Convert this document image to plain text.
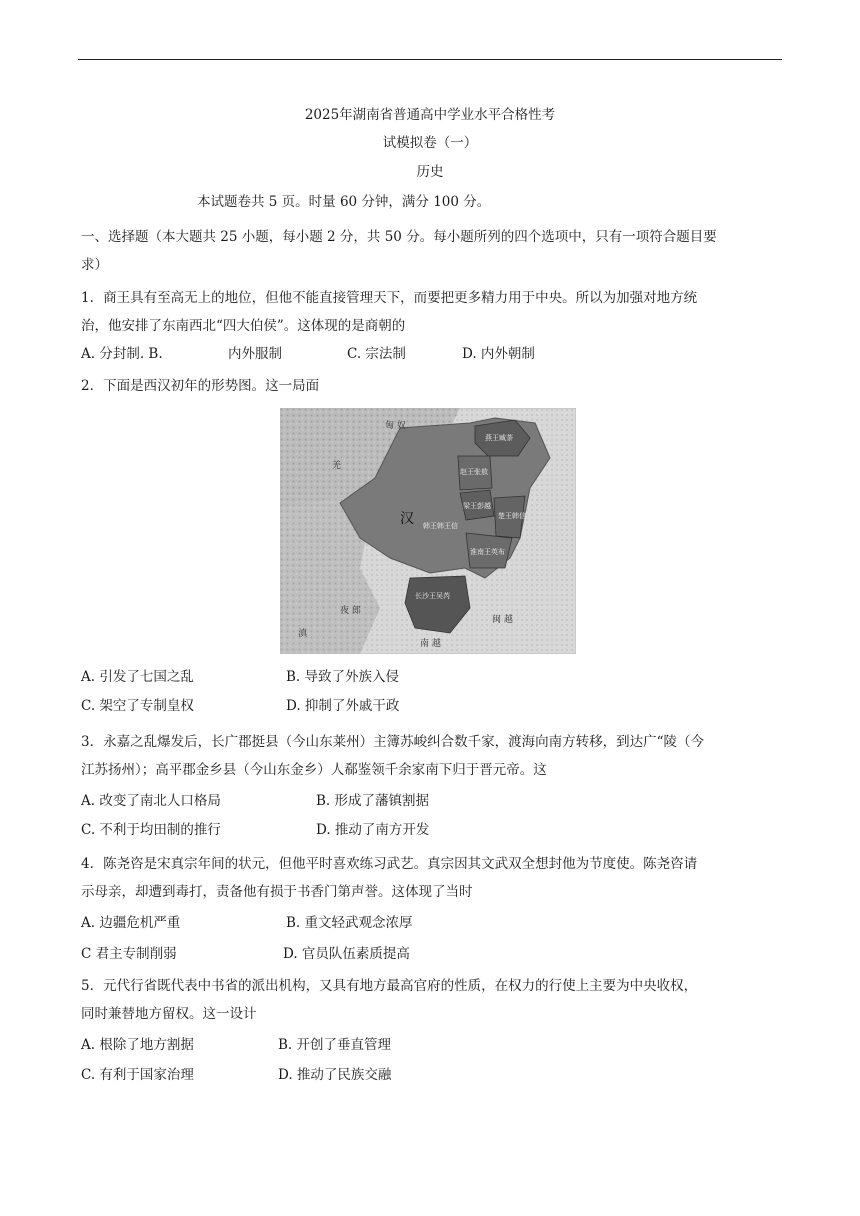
2025年湖南省普通高中学业水平合格性考
试模拟卷（一）
历史
本试题卷共 5 页。时量 60 分钟，满分 100 分。
一、选择题（本大题共 25 小题，每小题 2 分，共 50 分。每小题所列的四个选项中，只有一项符合题目要
求）
1．商王具有至高无上的地位，但他不能直接管理天下，而要把更多精力用于中央。所以为加强对地方统
治，他安排了东南西北“四大伯侯”。这体现的是商朝的
A. 分封制. B.	内外服制	C. 宗法制	D. 内外朝制
2．下面是西汉初年的形势图。这一局面
匈 奴
羌
汉
夜 郎
滇
南 越
闽 越
燕王臧荼
赵王张敖
梁王彭越
韩王韩王信
楚王韩信
淮南王英布
长沙王吴芮
A. 引发了七国之乱	B. 导致了外族入侵
C. 架空了专制皇权	D. 抑制了外戚干政
3．永嘉之乱爆发后，长广郡挺县（今山东莱州）主簿苏峻纠合数千家，渡海向南方转移，到达广“陵（今
江苏扬州）；高平郡金乡县（今山东金乡）人郗鉴领千余家南下归于晋元帝。这
A. 改变了南北人口格局	B. 形成了藩镇割据
C. 不利于均田制的推行	D. 推动了南方开发
4．陈尧咨是宋真宗年间的状元，但他平时喜欢练习武艺。真宗因其文武双全想封他为节度使。陈尧咨请
示母亲，却遭到毒打，责备他有损于书香门第声誉。这体现了当时
A. 边疆危机严重	B. 重文轻武观念浓厚
C 君主专制削弱	D. 官员队伍素质提高
5．元代行省既代表中书省的派出机构，又具有地方最高官府的性质，在权力的行使上主要为中央收权，
同时兼替地方留权。这一设计
A. 根除了地方割据	B. 开创了垂直管理
C. 有利于国家治理	D. 推动了民族交融
